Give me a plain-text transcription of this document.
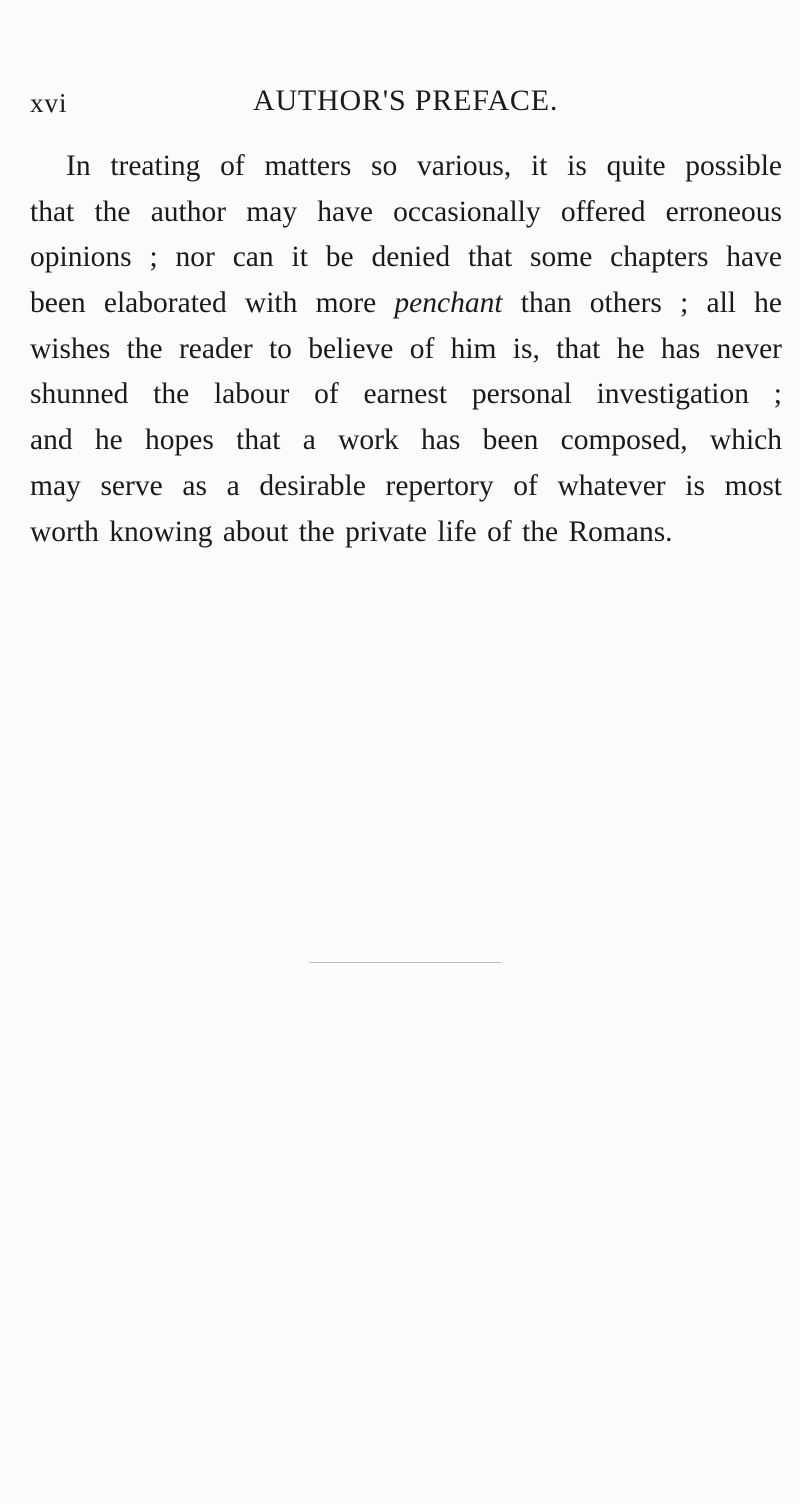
xvi	AUTHOR'S PREFACE.
In treating of matters so various, it is quite possible
that the author may have occasionally offered erroneous
opinions ; nor can it be denied that some chapters have
been elaborated with more penchant than others ; all he
wishes the reader to believe of him is, that he has never
shunned the labour of earnest personal investigation ;
and he hopes that a work has been composed, which
may serve as a desirable repertory of whatever is most
worth knowing about the private life of the Romans.
